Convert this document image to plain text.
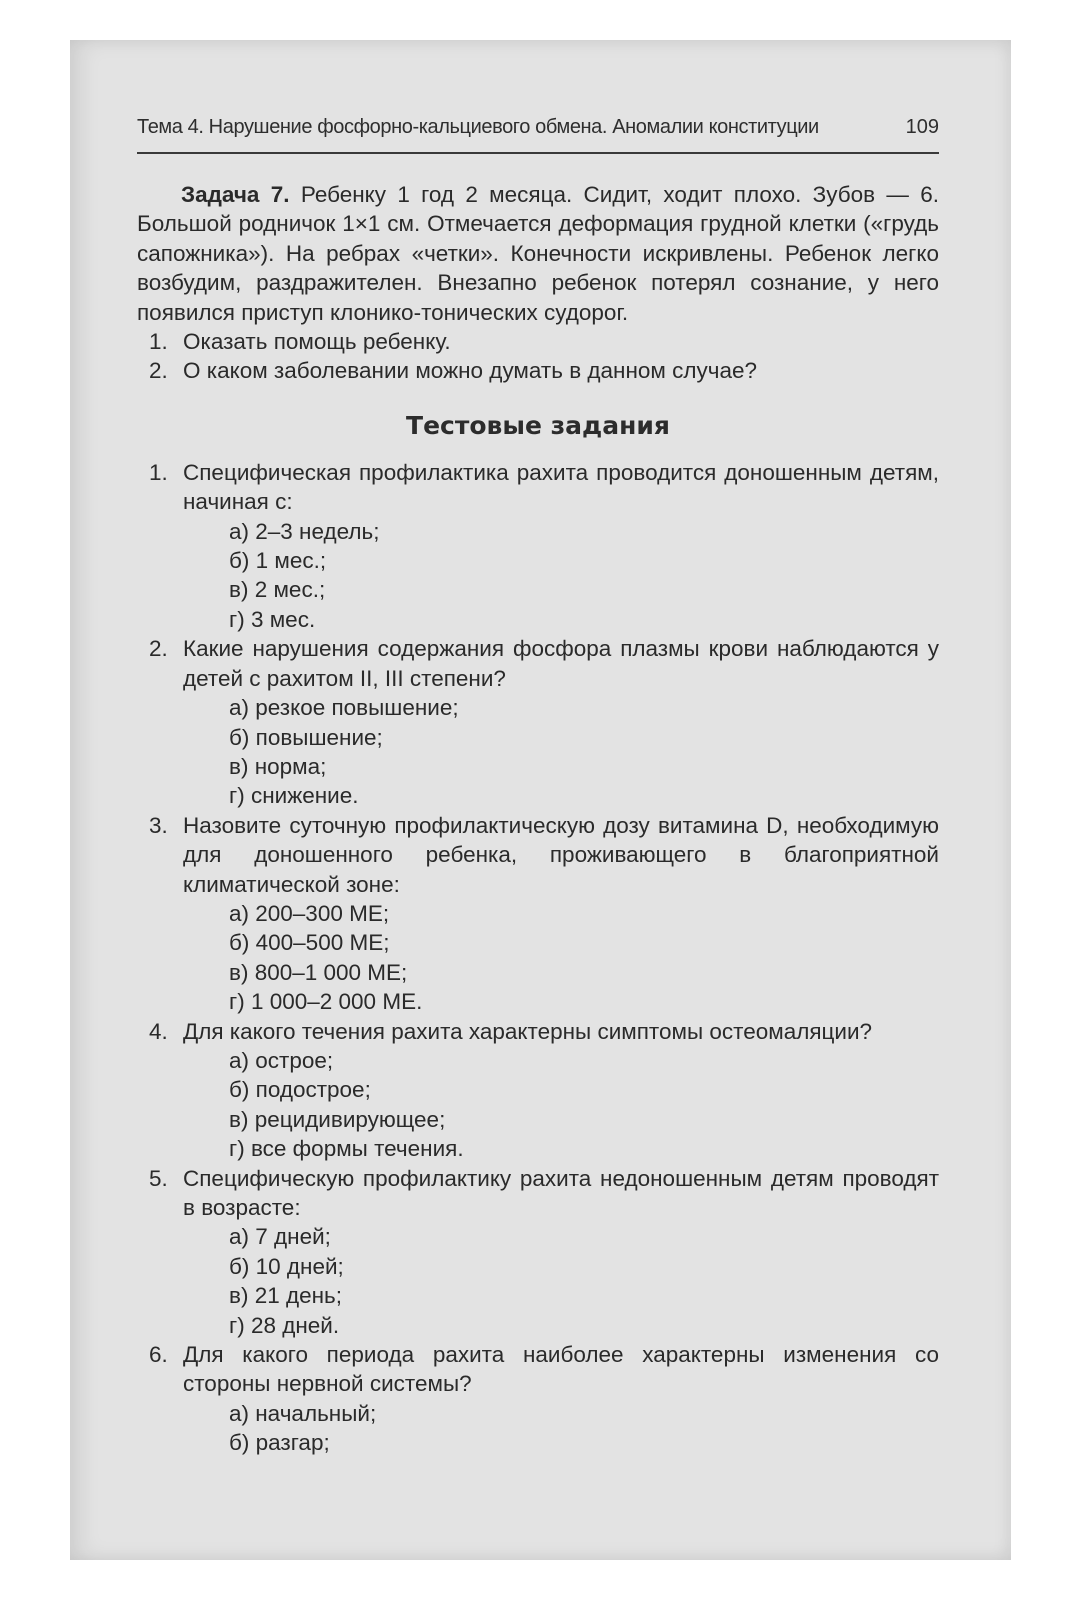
Тема 4. Нарушение фосфорно-кальциевого обмена. Аномалии конституции	109

Задача 7. Ребенку 1 год 2 месяца. Сидит, ходит плохо. Зубов — 6. Большой родничок 1×1 см. Отмечается деформация грудной клетки («грудь сапожника»). На ребрах «четки». Конечности искривлены. Ребенок легко возбудим, раздражителен. Внезапно ребенок потерял сознание, у него появился приступ клонико-тонических судорог.

1. Оказать помощь ребенку.
2. О каком заболевании можно думать в данном случае?
Тестовые задания
1. Специфическая профилактика рахита проводится доношенным детям, начиная с:
а) 2–3 недель;
б) 1 мес.;
в) 2 мес.;
г) 3 мес.
2. Какие нарушения содержания фосфора плазмы крови наблюдаются у детей с рахитом II, III степени?
а) резкое повышение;
б) повышение;
в) норма;
г) снижение.
3. Назовите суточную профилактическую дозу витамина D, необходимую для доношенного ребенка, проживающего в благоприятной климатической зоне:
а) 200–300 МЕ;
б) 400–500 МЕ;
в) 800–1 000 МЕ;
г) 1 000–2 000 МЕ.
4. Для какого течения рахита характерны симптомы остеомаляции?
а) острое;
б) подострое;
в) рецидивирующее;
г) все формы течения.
5. Специфическую профилактику рахита недоношенным детям проводят в возрасте:
а) 7 дней;
б) 10 дней;
в) 21 день;
г) 28 дней.
6. Для какого периода рахита наиболее характерны изменения со стороны нервной системы?
а) начальный;
б) разгар;
